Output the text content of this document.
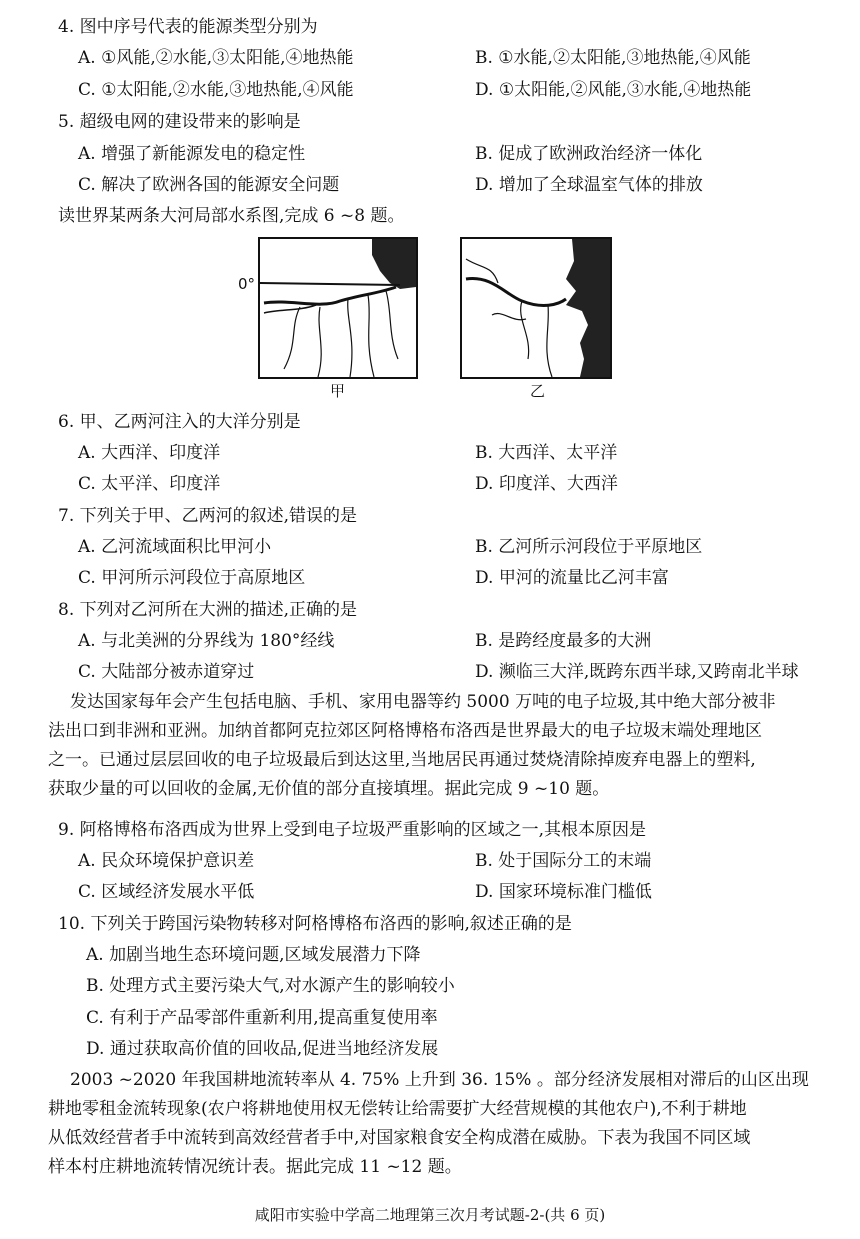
4. 图中序号代表的能源类型分别为
A. ①风能,②水能,③太阳能,④地热能	B. ①水能,②太阳能,③地热能,④风能
C. ①太阳能,②水能,③地热能,④风能	D. ①太阳能,②风能,③水能,④地热能
5. 超级电网的建设带来的影响是
A. 增强了新能源发电的稳定性	B. 促成了欧洲政治经济一体化
C. 解决了欧洲各国的能源安全问题	D. 增加了全球温室气体的排放
读世界某两条大河局部水系图,完成 6 ~8 题。
0°
甲	乙
6. 甲、乙两河注入的大洋分别是
A. 大西洋、印度洋	B. 大西洋、太平洋
C. 太平洋、印度洋	D. 印度洋、大西洋
7. 下列关于甲、乙两河的叙述,错误的是
A. 乙河流域面积比甲河小	B. 乙河所示河段位于平原地区
C. 甲河所示河段位于高原地区	D. 甲河的流量比乙河丰富
8. 下列对乙河所在大洲的描述,正确的是
A. 与北美洲的分界线为 180°经线	B. 是跨经度最多的大洲
C. 大陆部分被赤道穿过	D. 濒临三大洋,既跨东西半球,又跨南北半球
发达国家每年会产生包括电脑、手机、家用电器等约 5000 万吨的电子垃圾,其中绝大部分被非
法出口到非洲和亚洲。加纳首都阿克拉郊区阿格博格布洛西是世界最大的电子垃圾末端处理地区
之一。已通过层层回收的电子垃圾最后到达这里,当地居民再通过焚烧清除掉废弃电器上的塑料,
获取少量的可以回收的金属,无价值的部分直接填埋。据此完成 9 ~10 题。
9. 阿格博格布洛西成为世界上受到电子垃圾严重影响的区域之一,其根本原因是
A. 民众环境保护意识差	B. 处于国际分工的末端
C. 区域经济发展水平低	D. 国家环境标准门槛低
10. 下列关于跨国污染物转移对阿格博格布洛西的影响,叙述正确的是
A. 加剧当地生态环境问题,区域发展潜力下降
B. 处理方式主要污染大气,对水源产生的影响较小
C. 有利于产品零部件重新利用,提高重复使用率
D. 通过获取高价值的回收品,促进当地经济发展
2003 ~2020 年我国耕地流转率从 4. 75% 上升到 36. 15% 。部分经济发展相对滞后的山区出现
耕地零租金流转现象(农户将耕地使用权无偿转让给需要扩大经营规模的其他农户),不利于耕地
从低效经营者手中流转到高效经营者手中,对国家粮食安全构成潜在威胁。下表为我国不同区域
样本村庄耕地流转情况统计表。据此完成 11 ~12 题。
咸阳市实验中学高二地理第三次月考试题-2-(共 6 页)
